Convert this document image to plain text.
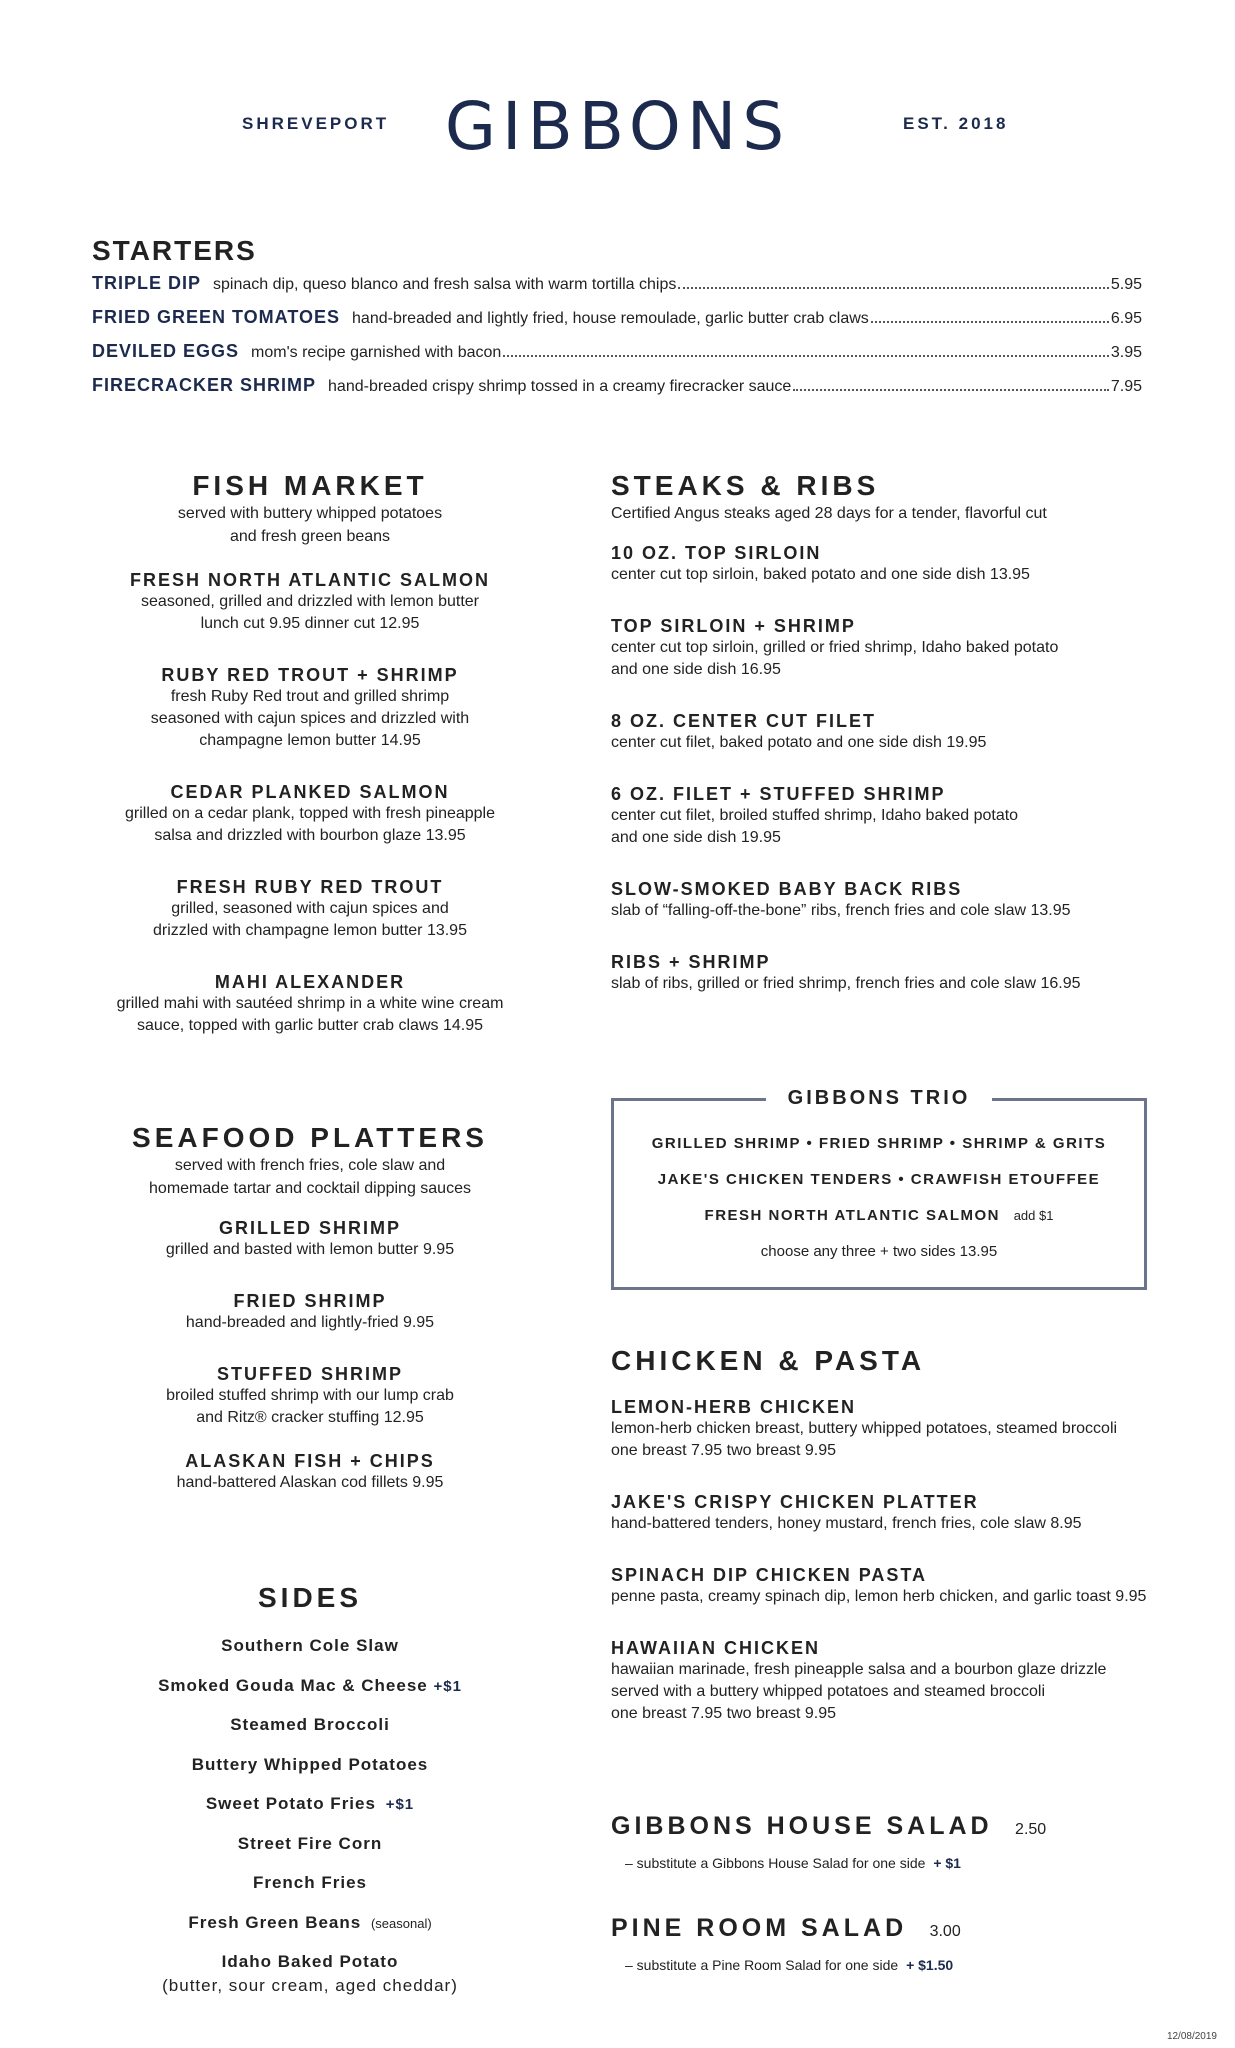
SHREVEPORT GIBBONS	EST. 2018
STARTERS
TRIPLE DIP spinach dip, queso blanco and fresh salsa with warm tortilla chips	5.95
FRIED GREEN TOMATOES hand-breaded and lightly fried, house remoulade, garlic butter crab claws	6.95
DEVILED EGGS mom's recipe garnished with bacon	3.95
FIRECRACKER SHRIMP hand-breaded crispy shrimp tossed in a creamy firecracker sauce	7.95
FISH MARKET
served with buttery whipped potatoes
and fresh green beans
FRESH NORTH ATLANTIC SALMON
seasoned, grilled and drizzled with lemon butter
lunch cut 9.95 dinner cut 12.95
RUBY RED TROUT + SHRIMP
fresh Ruby Red trout and grilled shrimp
seasoned with cajun spices and drizzled with
champagne lemon butter 14.95
CEDAR PLANKED SALMON
grilled on a cedar plank, topped with fresh pineapple
salsa and drizzled with bourbon glaze 13.95
FRESH RUBY RED TROUT
grilled, seasoned with cajun spices and
drizzled with champagne lemon butter 13.95
MAHI ALEXANDER
grilled mahi with sautéed shrimp in a white wine cream
sauce, topped with garlic butter crab claws 14.95
STEAKS & RIBS
Certified Angus steaks aged 28 days for a tender, flavorful cut
10 OZ. TOP SIRLOIN
center cut top sirloin, baked potato and one side dish 13.95
TOP SIRLOIN + SHRIMP
center cut top sirloin, grilled or fried shrimp, Idaho baked potato
and one side dish 16.95
8 OZ. CENTER CUT FILET
center cut filet, baked potato and one side dish 19.95
6 OZ. FILET + STUFFED SHRIMP
center cut filet, broiled stuffed shrimp, Idaho baked potato
and one side dish 19.95
SLOW-SMOKED BABY BACK RIBS
slab of “falling-off-the-bone” ribs, french fries and cole slaw 13.95
RIBS + SHRIMP
slab of ribs, grilled or fried shrimp, french fries and cole slaw 16.95
GIBBONS TRIO
GRILLED SHRIMP • FRIED SHRIMP • SHRIMP & GRITS
JAKE'S CHICKEN TENDERS • CRAWFISH ETOUFFEE
FRESH NORTH ATLANTIC SALMON add $1
choose any three + two sides 13.95
SEAFOOD PLATTERS
served with french fries, cole slaw and
homemade tartar and cocktail dipping sauces
GRILLED SHRIMP
grilled and basted with lemon butter 9.95
FRIED SHRIMP
hand-breaded and lightly-fried 9.95
STUFFED SHRIMP
broiled stuffed shrimp with our lump crab
and Ritz® cracker stuffing 12.95
ALASKAN FISH + CHIPS
hand-battered Alaskan cod fillets 9.95
CHICKEN & PASTA
LEMON-HERB CHICKEN
lemon-herb chicken breast, buttery whipped potatoes, steamed broccoli
one breast 7.95 two breast 9.95
JAKE'S CRISPY CHICKEN PLATTER
hand-battered tenders, honey mustard, french fries, cole slaw 8.95
SPINACH DIP CHICKEN PASTA
penne pasta, creamy spinach dip, lemon herb chicken, and garlic toast 9.95
HAWAIIAN CHICKEN
hawaiian marinade, fresh pineapple salsa and a bourbon glaze drizzle
served with a buttery whipped potatoes and steamed broccoli
one breast 7.95 two breast 9.95
SIDES
Southern Cole Slaw
Smoked Gouda Mac & Cheese +$1
Steamed Broccoli
Buttery Whipped Potatoes
Sweet Potato Fries +$1
Street Fire Corn
French Fries
Fresh Green Beans (seasonal)
Idaho Baked Potato
(butter, sour cream, aged cheddar)
GIBBONS HOUSE SALAD 2.50
– substitute a Gibbons House Salad for one side + $1
PINE ROOM SALAD 3.00
– substitute a Pine Room Salad for one side + $1.50
12/08/2019
